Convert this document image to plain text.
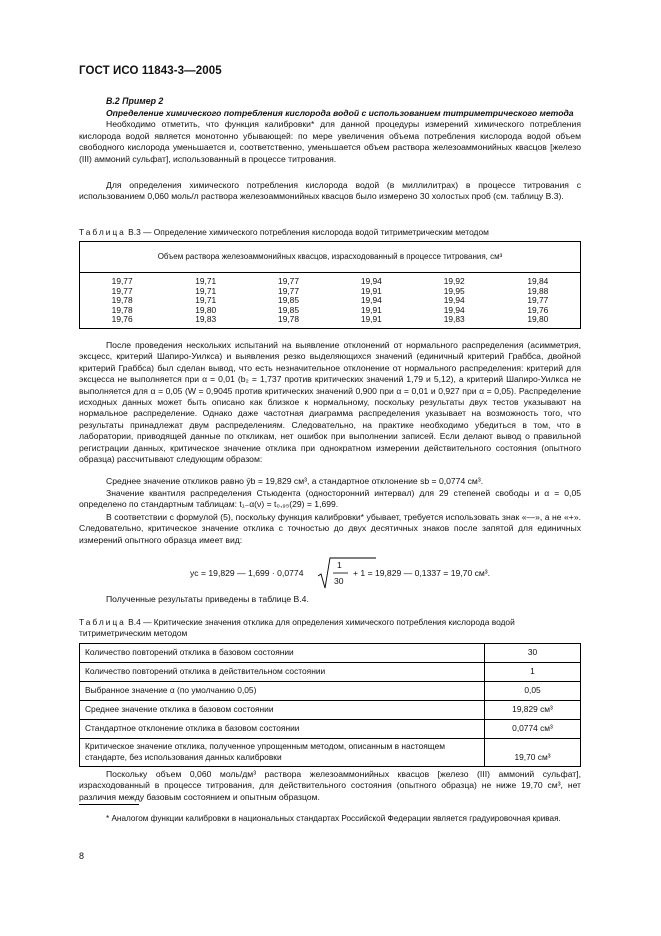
ГОСТ ИСО 11843-3—2005
В.2 Пример 2
Определение химического потребления кислорода водой с использованием титриметрического метода
Необходимо отметить, что функция калибровки* для данной процедуры измерений химического потребления кислорода водой является монотонно убывающей: по мере увеличения объема потребления кислорода водой объем свободного кислорода уменьшается и, соответственно, уменьшается объем раствора железоаммонийных квасцов [железо (III) аммоний сульфат], использованный в процессе титрования.
Для определения химического потребления кислорода водой (в миллилитрах) в процессе титрования с использованием 0,060 моль/л раствора железоаммонийных квасцов было измерено 30 холостых проб (см. таблицу В.3).
Таблица В.3 — Определение химического потребления кислорода водой титриметрическим методом
Объем раствора железоаммонийных квасцов, израсходованный в процессе титрования, см³					
19,77	19,71	19,77	19,94	19,92	19,84
19,77	19,71	19,77	19,91	19,95	19,88
19,78	19,71	19,85	19,94	19,94	19,77
19,78	19,80	19,85	19,91	19,94	19,76
19,76	19,83	19,78	19,91	19,83	19,80
После проведения нескольких испытаний на выявление отклонений от нормального распределения (асимметрия, эксцесс, критерий Шапиро-Уилкса) и выявления резко выделяющихся значений (единичный критерий Граббса, двойной критерий Граббса) был сделан вывод, что есть незначительное отклонение от нормального распределения: критерий для эксцесса не выполняется при α = 0,01 (b₂ = 1,737 против критических значений 1,79 и 5,12), а критерий Шапиро-Уилкса не выполняется для α = 0,05 (W = 0,9045 против критических значений 0,900 при α = 0,01 и 0,927 при α = 0,05). Распределение исходных данных может быть описано как близкое к нормальному, поскольку результаты двух тестов указывают на нормальное распределение. Однако даже частотная диаграмма распределения указывает на возможность того, что результаты принадлежат двум распределениям. Следовательно, на практике необходимо убедиться в том, что в лаборатории, приводящей данные по откликам, нет ошибок при выполнении записей. Если делают вывод о правильной регистрации данных, критическое значение отклика при однократном измерении действительного состояния (опытного образца) рассчитывают следующим образом:
Среднее значение откликов равно ȳb = 19,829 см³, а стандартное отклонение sb = 0,0774 см³.
Значение квантиля распределения Стьюдента (односторонний интервал) для 29 степеней свободы и α = 0,05 определено по стандартным таблицам: t₁₋α(ν) = t₀,₉₅(29) = 1,699.
В соответствии с формулой (5), поскольку функция калибровки* убывает, требуется использовать знак «—», а не «+». Следовательно, критическое значение отклика с точностью до двух десятичных знаков после запятой для единичных измерений опытного образца имеет вид:
yc = 19,829 — 1,699 · 0,0774
1
30
+ 1 = 19,829 — 0,1337 = 19,70 см³.
Полученные результаты приведены в таблице В.4.
Таблица В.4 — Критические значения отклика для определения химического потребления кислорода водой титриметрическим методом
Количество повторений отклика в базовом состоянии	30
Количество повторений отклика в действительном состоянии	1
Выбранное значение α (по умолчанию 0,05)	0,05
Среднее значение отклика в базовом состоянии	19,829 см³
Стандартное отклонение отклика в базовом состоянии	0,0774 см³
Критическое значение отклика, полученное упрощенным методом, описанным в настоящем стандарте, без использования данных калибровки	19,70 см³
Поскольку объем 0,060 моль/дм³ раствора железоаммонийных квасцов [железо (III) аммоний сульфат], израсходованный в процессе титрования, для действительного состояния (опытного образца) не ниже 19,70 см³, нет различия между базовым состоянием и опытным образцом.
* Аналогом функции калибровки в национальных стандартах Российской Федерации является градуировочная кривая.
8
